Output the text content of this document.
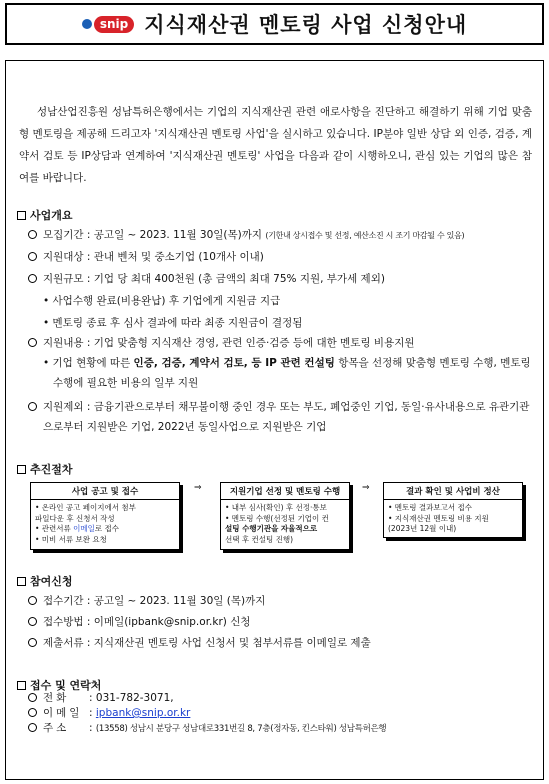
snip 지식재산권 멘토링 사업 신청안내

성남산업진흥원 성남특허은행에서는 기업의 지식재산권 관련 애로사항을 진단하고 해결하기 위해 기업 맞춤형 멘토링을 제공해 드리고자 '지식재산권 멘토링 사업'을 실시하고 있습니다. IP분야 일반 상담 외 인증, 검증, 계약서 검토 등 IP상담과 연계하여 '지식재산권 멘토링' 사업을 다음과 같이 시행하오니, 관심 있는 기업의 많은 참여를 바랍니다.

사업개요
모집기간 : 공고일 ~ 2023. 11월 30일(목)까지 (기한내 상시접수 및 선정, 예산소진 시 조기 마감될 수 있음)
지원대상 : 관내 벤처 및 중소기업 (10개사 이내)
지원규모 : 기업 당 최대 400천원 (총 금액의 최대 75% 지원, 부가세 제외)
• 사업수행 완료(비용완납) 후 기업에게 지원금 지급
• 멘토링 종료 후 심사 결과에 따라 최종 지원금이 결정됨
지원내용 : 기업 맞춤형 지식재산 경영, 관련 인증·검증 등에 대한 멘토링 비용지원
• 기업 현황에 따른 인증, 검증, 계약서 검토, 등 IP 관련 컨설팅 항목을 선정해 맞춤형 멘토링 수행, 멘토링 수행에 필요한 비용의 일부 지원
지원제외 : 금융기관으로부터 채무불이행 중인 경우 또는 부도, 폐업중인 기업, 동일·유사내용으로 유관기관으로부터 지원받은 기업, 2022년 동일사업으로 지원받은 기업
추진절차
사업 공고 및 접수
• 온라인 공고 페이지에서 첨부
파일다운 후 신청서 작성
• 관련서류 이메일로 접수
• 미비 서류 보완 요청
⇒	지원기업 선정 및 멘토링 수행
• 내부 심사(확인) 후 선정·통보
• 멘토링 수행(선정된 기업이 컨
설팅 수행기관을 자율적으로
선택 후 컨설팅 진행)
⇒	결과 확인 및 사업비 정산
• 멘토링 결과보고서 접수
• 지식재산권 멘토링 비용 지원
(2023년 12월 이내)
참여신청
접수기간 : 공고일 ~ 2023. 11월 30일 (목)까지
접수방법 : 이메일(ipbank@snip.or.kr) 신청
제출서류 : 지식재산권 멘토링 사업 신청서 및 첨부서류를 이메일로 제출
접수 및 연락처
전화 : 031-782-3071,
이메일 : ipbank@snip.or.kr
주소 : (13558) 성남시 분당구 성남대로331번길 8, 7층(정자동, 킨스타워) 성남특허은행
